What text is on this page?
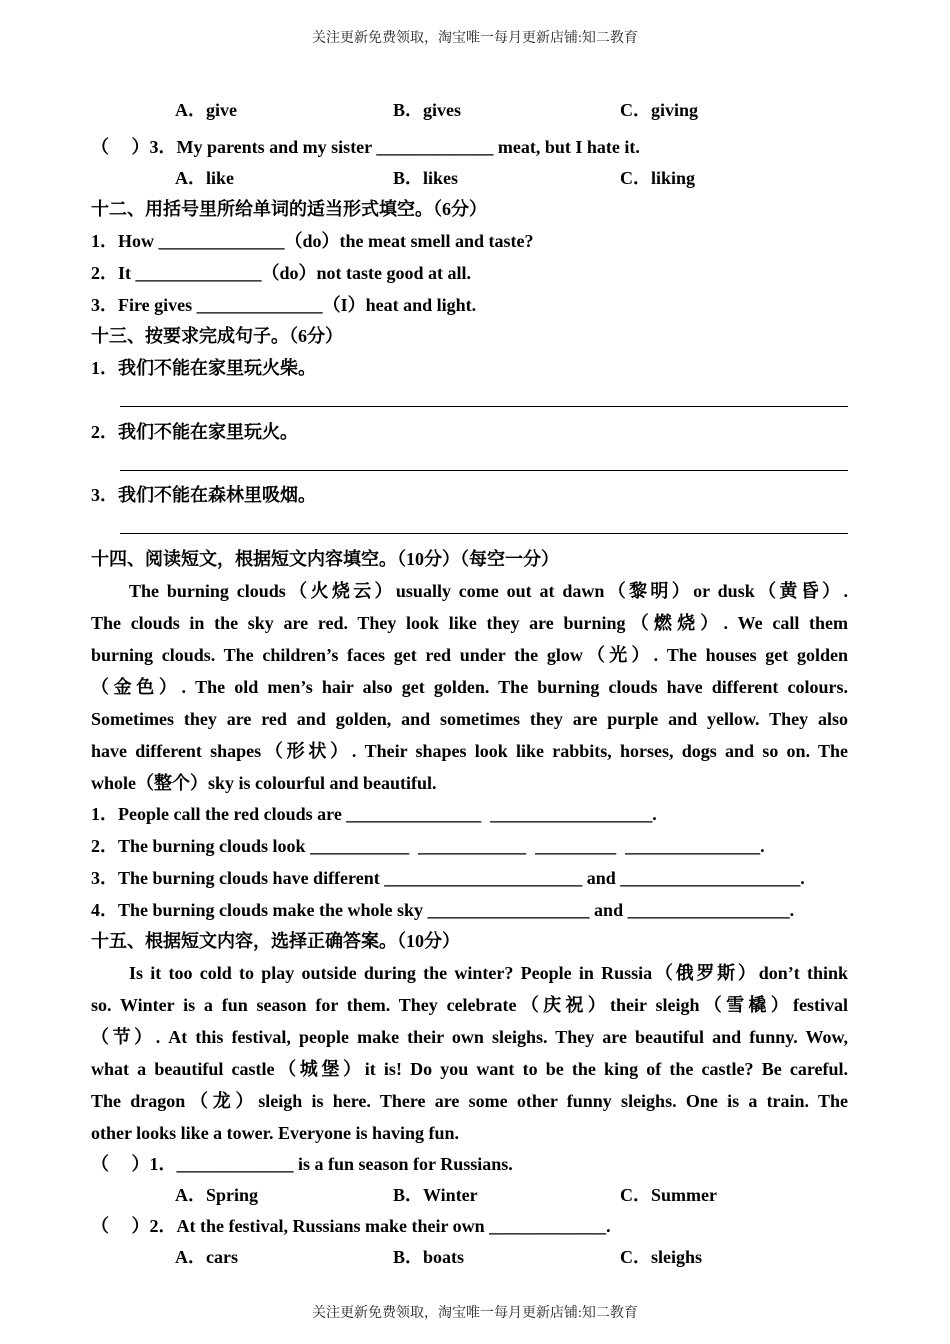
关注更新免费领取，淘宝唯一每月更新店铺:知二教育
A．give	B．gives	C．giving
（　 ）3．My parents and my sister _____________ meat, but I hate it.
A．like	B．likes	C．liking
十二、用括号里所给单词的适当形式填空。（6分）
1．How ______________（do）the meat smell and taste?
2．It ______________（do）not taste good at all.
3．Fire gives ______________（I）heat and light.
十三、按要求完成句子。（6分）
1．我们不能在家里玩火柴。
2．我们不能在家里玩火。
3．我们不能在森林里吸烟。
十四、阅读短文，根据短文内容填空。（10分）（每空一分）
The burning clouds（火烧云）usually come out at dawn（黎明）or dusk（黄昏）.
The clouds in the sky are red. They look like they are burning（燃烧）. We call them
burning clouds. The children’s faces get red under the glow（光）. The houses get golden
（金色）. The old men’s hair also get golden. The burning clouds have different colours.
Sometimes they are red and golden, and sometimes they are purple and yellow. They also
have different shapes（形状）. Their shapes look like rabbits, horses, dogs and so on. The
whole（整个）sky is colourful and beautiful.
1．People call the red clouds are _______________  __________________.
2．The burning clouds look ___________  ____________  _________  _______________.
3．The burning clouds have different ______________________ and ____________________.
4．The burning clouds make the whole sky __________________ and __________________.
十五、根据短文内容，选择正确答案。（10分）
Is it too cold to play outside during the winter? People in Russia（俄罗斯）don’t think
so. Winter is a fun season for them. They celebrate（庆祝）their sleigh（雪橇）festival
（节）. At this festival, people make their own sleighs. They are beautiful and funny. Wow,
what a beautiful castle（城堡）it is! Do you want to be the king of the castle? Be careful.
The dragon（龙）sleigh is here. There are some other funny sleighs. One is a train. The
other looks like a tower. Everyone is having fun.
（　 ）1．_____________ is a fun season for Russians.
A．Spring	B．Winter	C．Summer
（　 ）2．At the festival, Russians make their own _____________.
A．cars	B．boats	C．sleighs
关注更新免费领取，淘宝唯一每月更新店铺:知二教育
